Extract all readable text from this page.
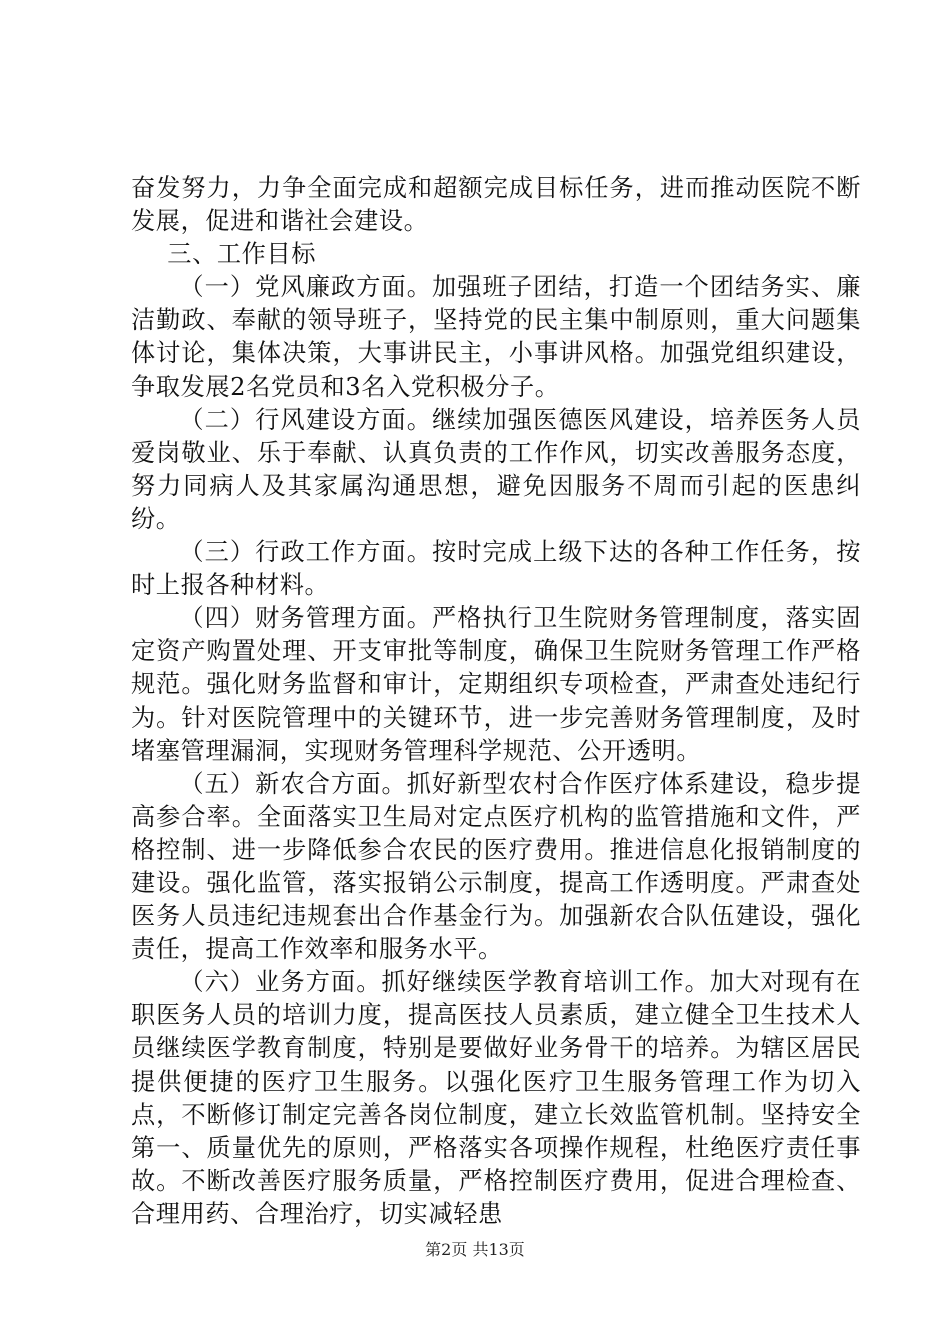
奋发努力，力争全面完成和超额完成目标任务，进而推动医院不断发展，促进和谐社会建设。

三、工作目标

（一）党风廉政方面。加强班子团结，打造一个团结务实、廉洁勤政、奉献的领导班子，坚持党的民主集中制原则，重大问题集体讨论，集体决策，大事讲民主，小事讲风格。加强党组织建设，争取发展2名党员和3名入党积极分子。

（二）行风建设方面。继续加强医德医风建设，培养医务人员爱岗敬业、乐于奉献、认真负责的工作作风，切实改善服务态度，努力同病人及其家属沟通思想，避免因服务不周而引起的医患纠纷。

（三）行政工作方面。按时完成上级下达的各种工作任务，按时上报各种材料。

（四）财务管理方面。严格执行卫生院财务管理制度，落实固定资产购置处理、开支审批等制度，确保卫生院财务管理工作严格规范。强化财务监督和审计，定期组织专项检查，严肃查处违纪行为。针对医院管理中的关键环节，进一步完善财务管理制度，及时堵塞管理漏洞，实现财务管理科学规范、公开透明。

（五）新农合方面。抓好新型农村合作医疗体系建设，稳步提高参合率。全面落实卫生局对定点医疗机构的监管措施和文件，严格控制、进一步降低参合农民的医疗费用。推进信息化报销制度的建设。强化监管，落实报销公示制度，提高工作透明度。严肃查处医务人员违纪违规套出合作基金行为。加强新农合队伍建设，强化责任，提高工作效率和服务水平。

（六）业务方面。抓好继续医学教育培训工作。加大对现有在职医务人员的培训力度，提高医技人员素质，建立健全卫生技术人员继续医学教育制度，特别是要做好业务骨干的培养。为辖区居民提供便捷的医疗卫生服务。以强化医疗卫生服务管理工作为切入点，不断修订制定完善各岗位制度，建立长效监管机制。坚持安全第一、质量优先的原则，严格落实各项操作规程，杜绝医疗责任事故。不断改善医疗服务质量，严格控制医疗费用，促进合理检查、合理用药、合理治疗，切实减轻患

第2页 共13页
